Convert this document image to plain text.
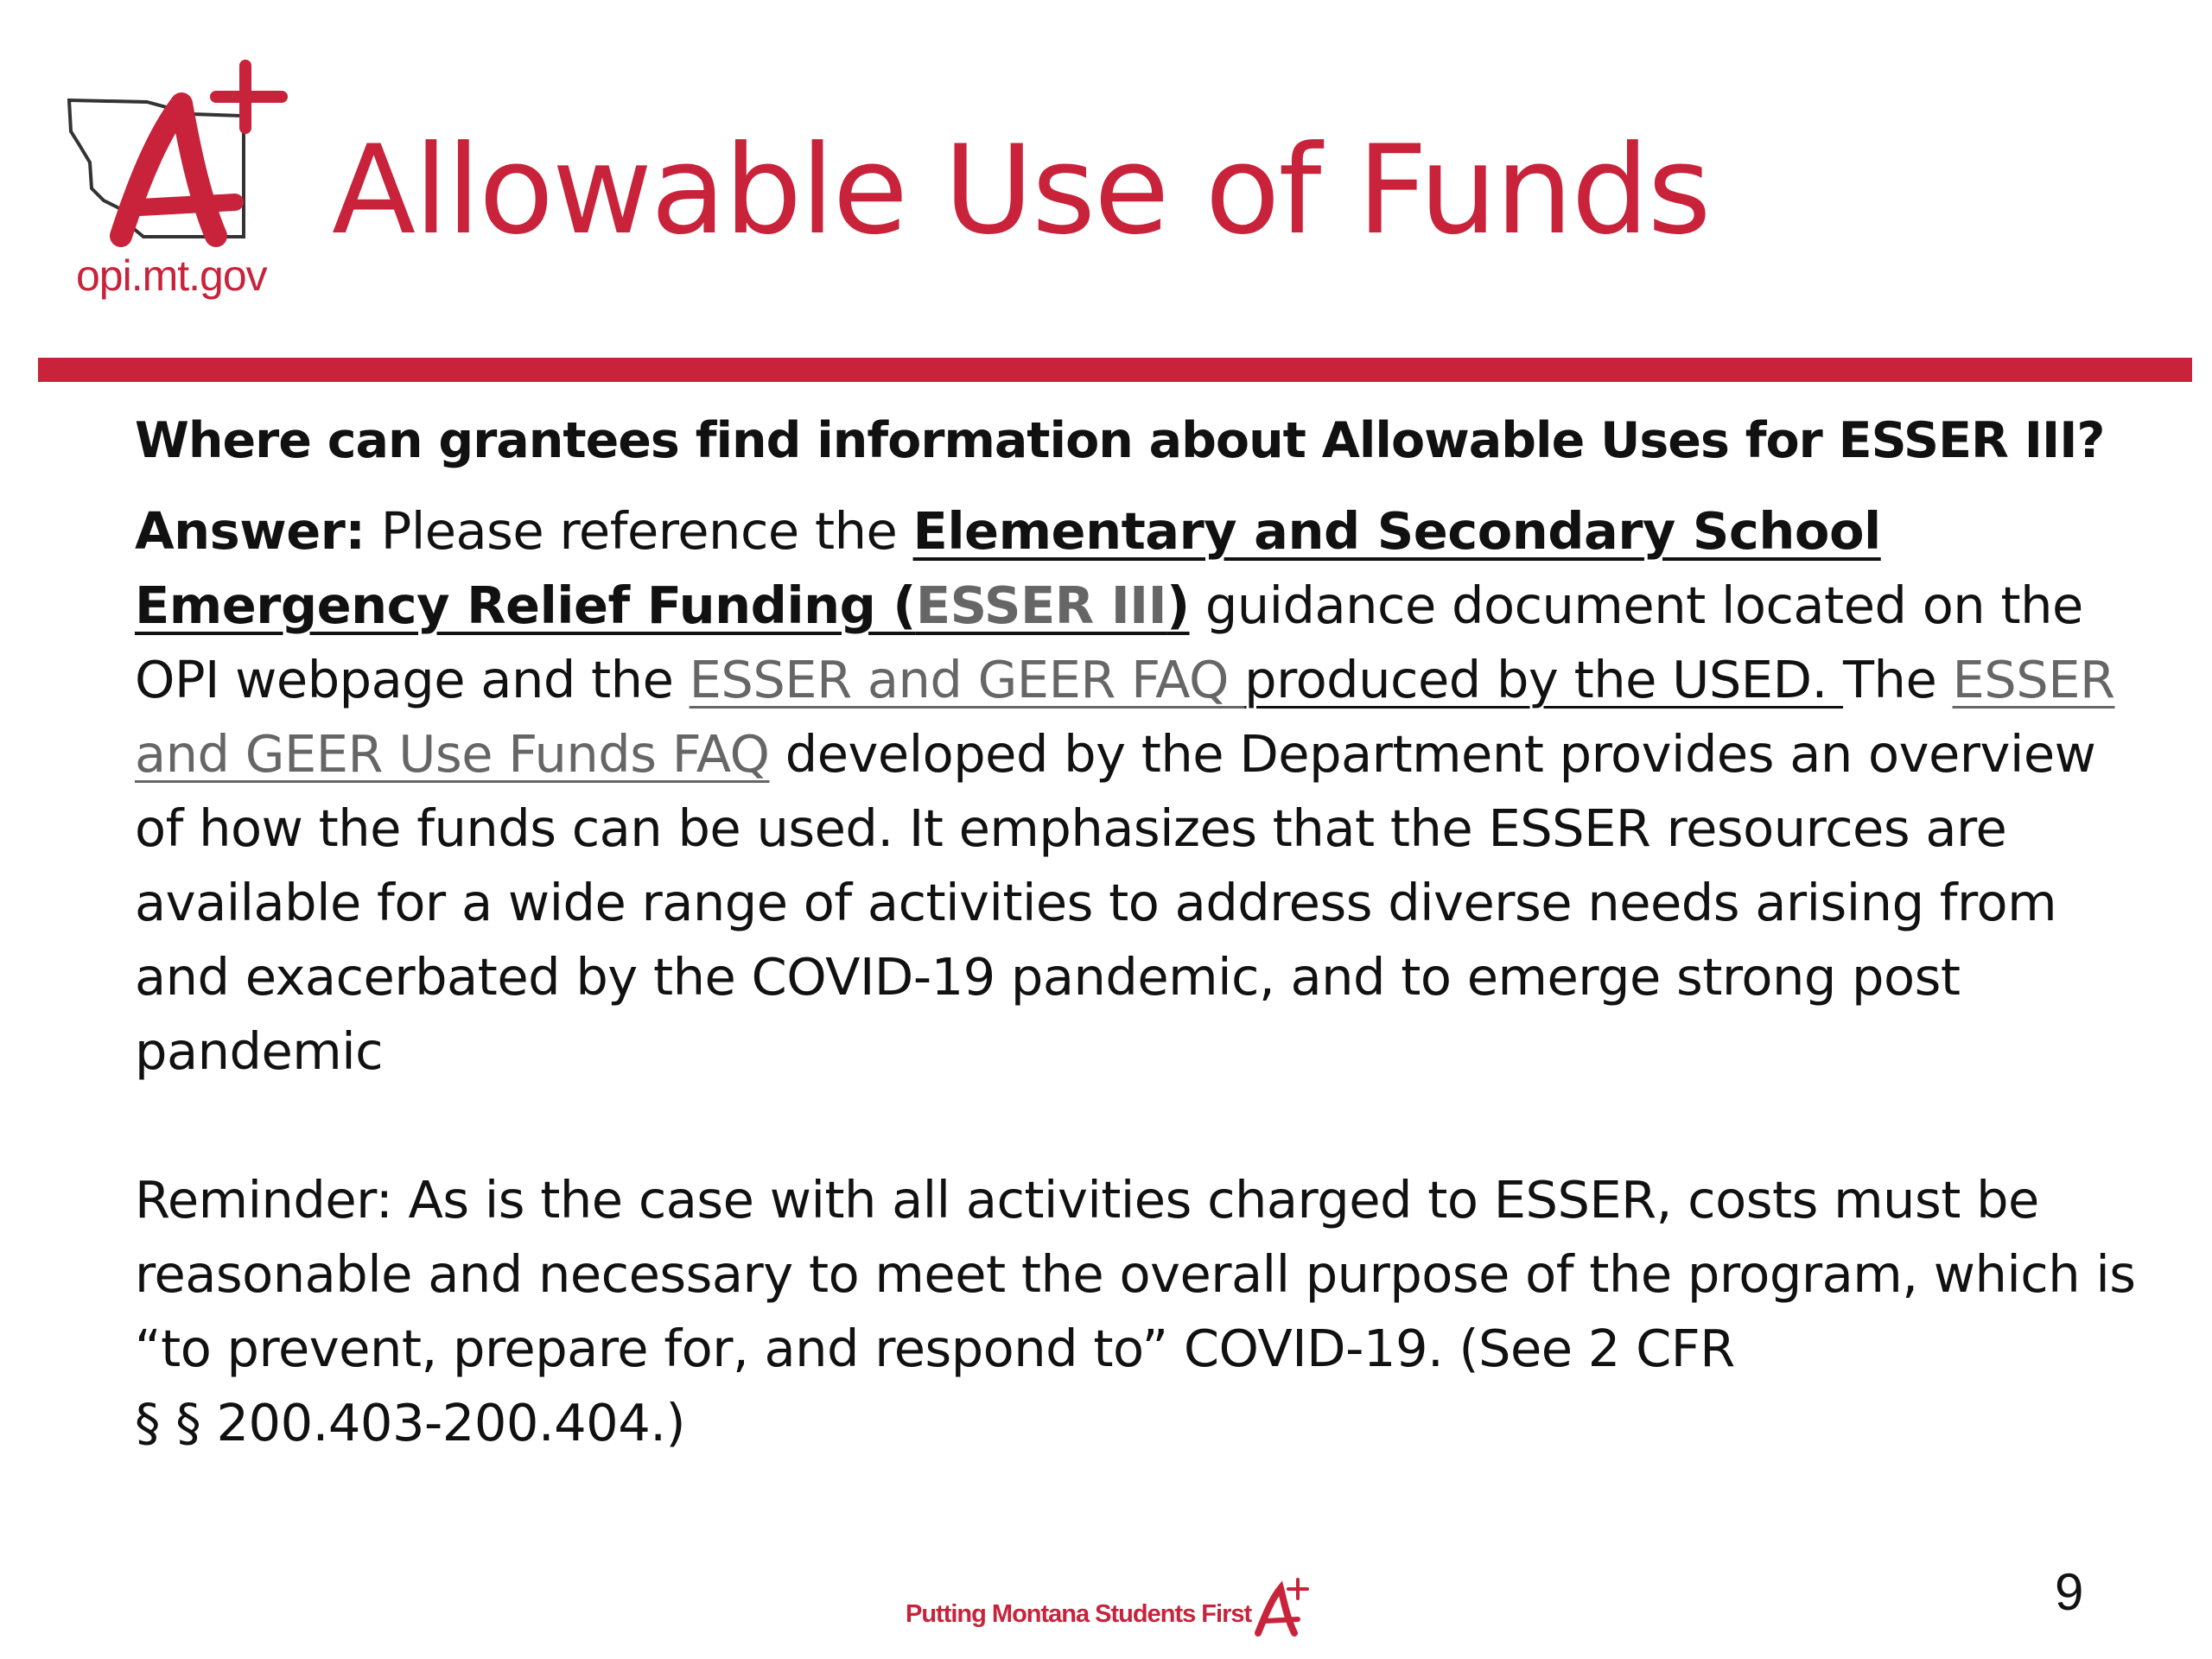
opi.mt.gov
Allowable Use of Funds
Where can grantees find information about Allowable Uses for ESSER III?
Answer: Please reference the Elementary and Secondary School Emergency Relief Funding (ESSER III) guidance document located on the OPI webpage and the ESSER and GEER FAQ produced by the USED. The ESSER and GEER Use Funds FAQ developed by the Department provides an overview of how the funds can be used. It emphasizes that the ESSER resources are available for a wide range of activities to address diverse needs arising from and exacerbated by the COVID-19 pandemic, and to emerge strong post pandemic
Reminder: As is the case with all activities charged to ESSER, costs must be reasonable and necessary to meet the overall purpose of the program, which is “to prevent, prepare for, and respond to” COVID-19. (See 2 CFR
§ § 200.403-200.404.)
Putting Montana Students First	9
